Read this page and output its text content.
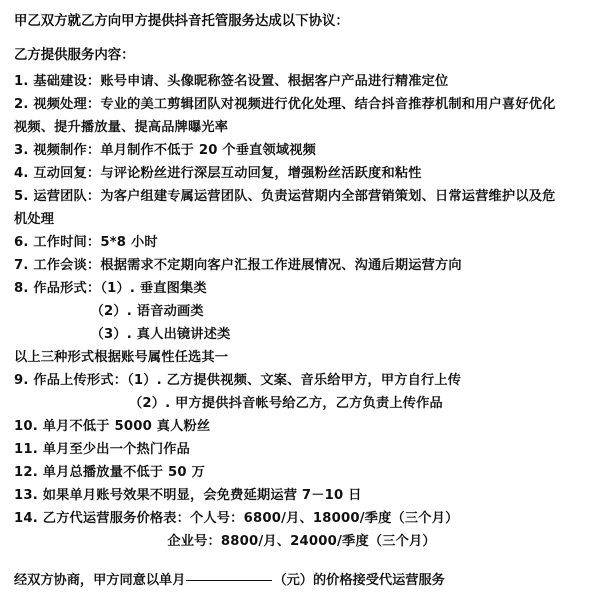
甲乙双方就乙方向甲方提供抖音托管服务达成以下协议：
乙方提供服务内容：
1. 基础建设：账号申请、头像昵称签名设置、根据客户产品进行精准定位
2. 视频处理：专业的美工剪辑团队对视频进行优化处理、结合抖音推荐机制和用户喜好优化
视频、提升播放量、提高品牌曝光率
3. 视频制作：单月制作不低于 20 个垂直领域视频
4. 互动回复：与评论粉丝进行深层互动回复，增强粉丝活跃度和粘性
5. 运营团队：为客户组建专属运营团队、负责运营期内全部营销策划、日常运营维护以及危
机处理
6. 工作时间：5*8 小时
7. 工作会谈：根据需求不定期向客户汇报工作进展情况、沟通后期运营方向
8. 作品形式：（1）. 垂直图集类
（2）. 语音动画类
（3）. 真人出镜讲述类
以上三种形式根据账号属性任选其一
9. 作品上传形式：（1）. 乙方提供视频、文案、音乐给甲方，甲方自行上传
（2）. 甲方提供抖音帐号给乙方，乙方负责上传作品
10. 单月不低于 5000 真人粉丝
11. 单月至少出一个热门作品
12. 单月总播放量不低于 50 万
13. 如果单月账号效果不明显，会免费延期运营 7－10 日
14. 乙方代运营服务价格表：个人号：6800/月、18000/季度（三个月）
企业号：8800/月、24000/季度（三个月）
经双方协商，甲方同意以单月	（元）的价格接受代运营服务
